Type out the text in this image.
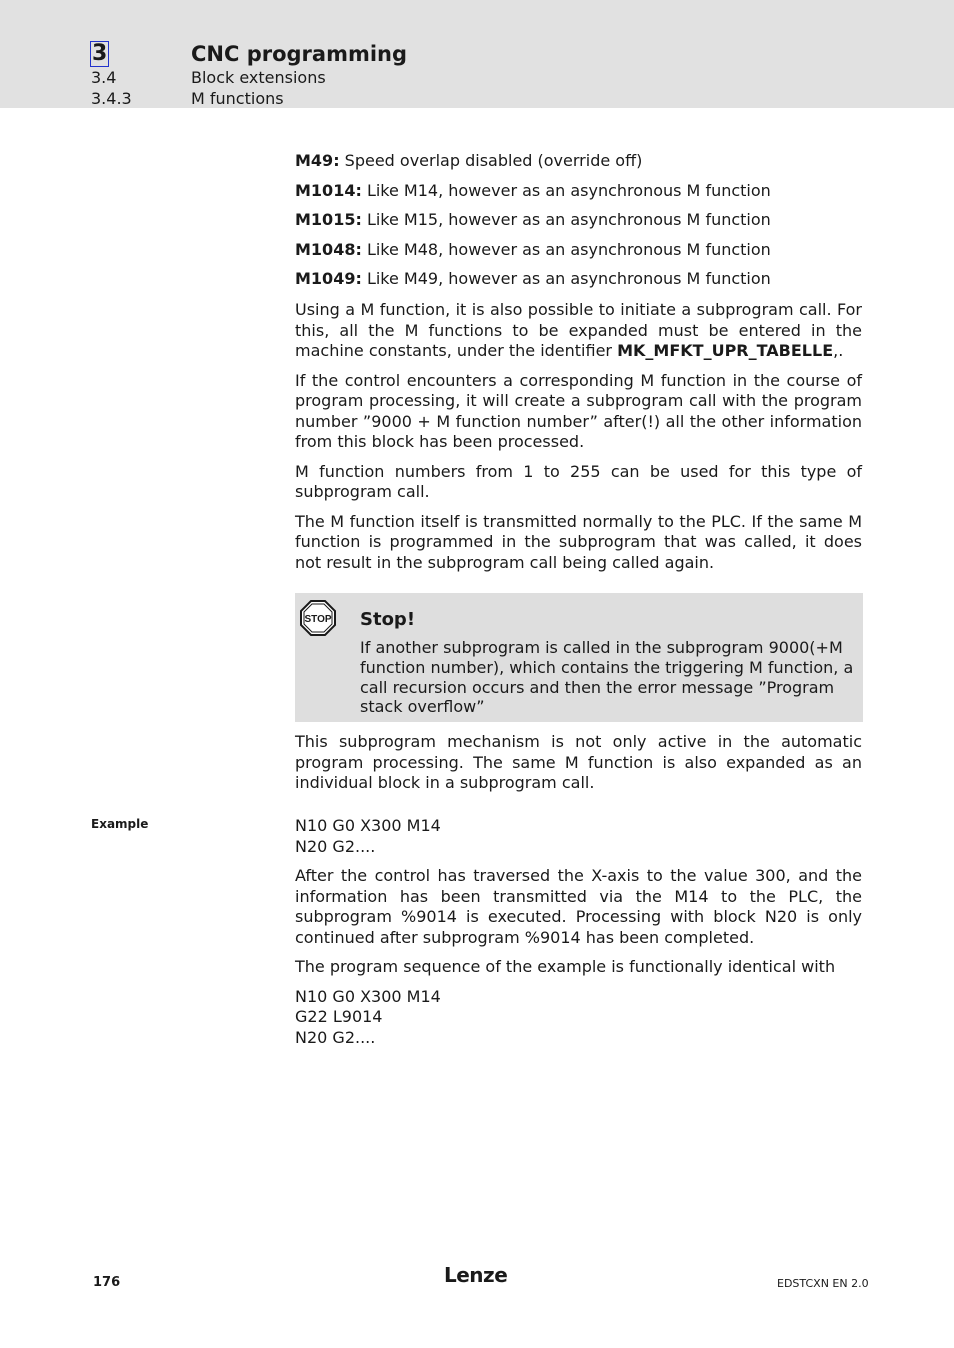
3	CNC programming
3.4	Block extensions
3.4.3	M functions

M49: Speed overlap disabled (override off)

M1014: Like M14, however as an asynchronous M function

M1015: Like M15, however as an asynchronous M function

M1048: Like M48, however as an asynchronous M function

M1049: Like M49, however as an asynchronous M function

Using a M function, it is also possible to initiate a subprogram call. For this, all the M functions to be expanded must be entered in the machine constants, under the identifier MK_MFKT_UPR_TABELLE,.

If the control encounters a corresponding M function in the course of program processing, it will create a subprogram call with the program number ”9000 + M function number” after(!) all the other information from this block has been processed.

M function numbers from 1 to 255 can be used for this type of subprogram call.

The M function itself is transmitted normally to the PLC. If the same M function is programmed in the subprogram that was called, it does not result in the subprogram call being called again.

STOP Stop!
If another subprogram is called in the subprogram 9000(+M function number), which contains the triggering M function, a call recursion occurs and then the error message ”Program stack overflow”

This subprogram mechanism is not only active in the automatic program processing. The same M function is also expanded as an individual block in a subprogram call.

Example	N10 G0 X300 M14
N20 G2....

After the control has traversed the X-axis to the value 300, and the information has been transmitted via the M14 to the PLC, the subprogram %9014 is executed. Processing with block N20 is only continued after subprogram %9014 has been completed.

The program sequence of the example is functionally identical with

N10 G0 X300 M14
G22 L9014
N20 G2....
176	Lenze	EDSTCXN EN 2.0
